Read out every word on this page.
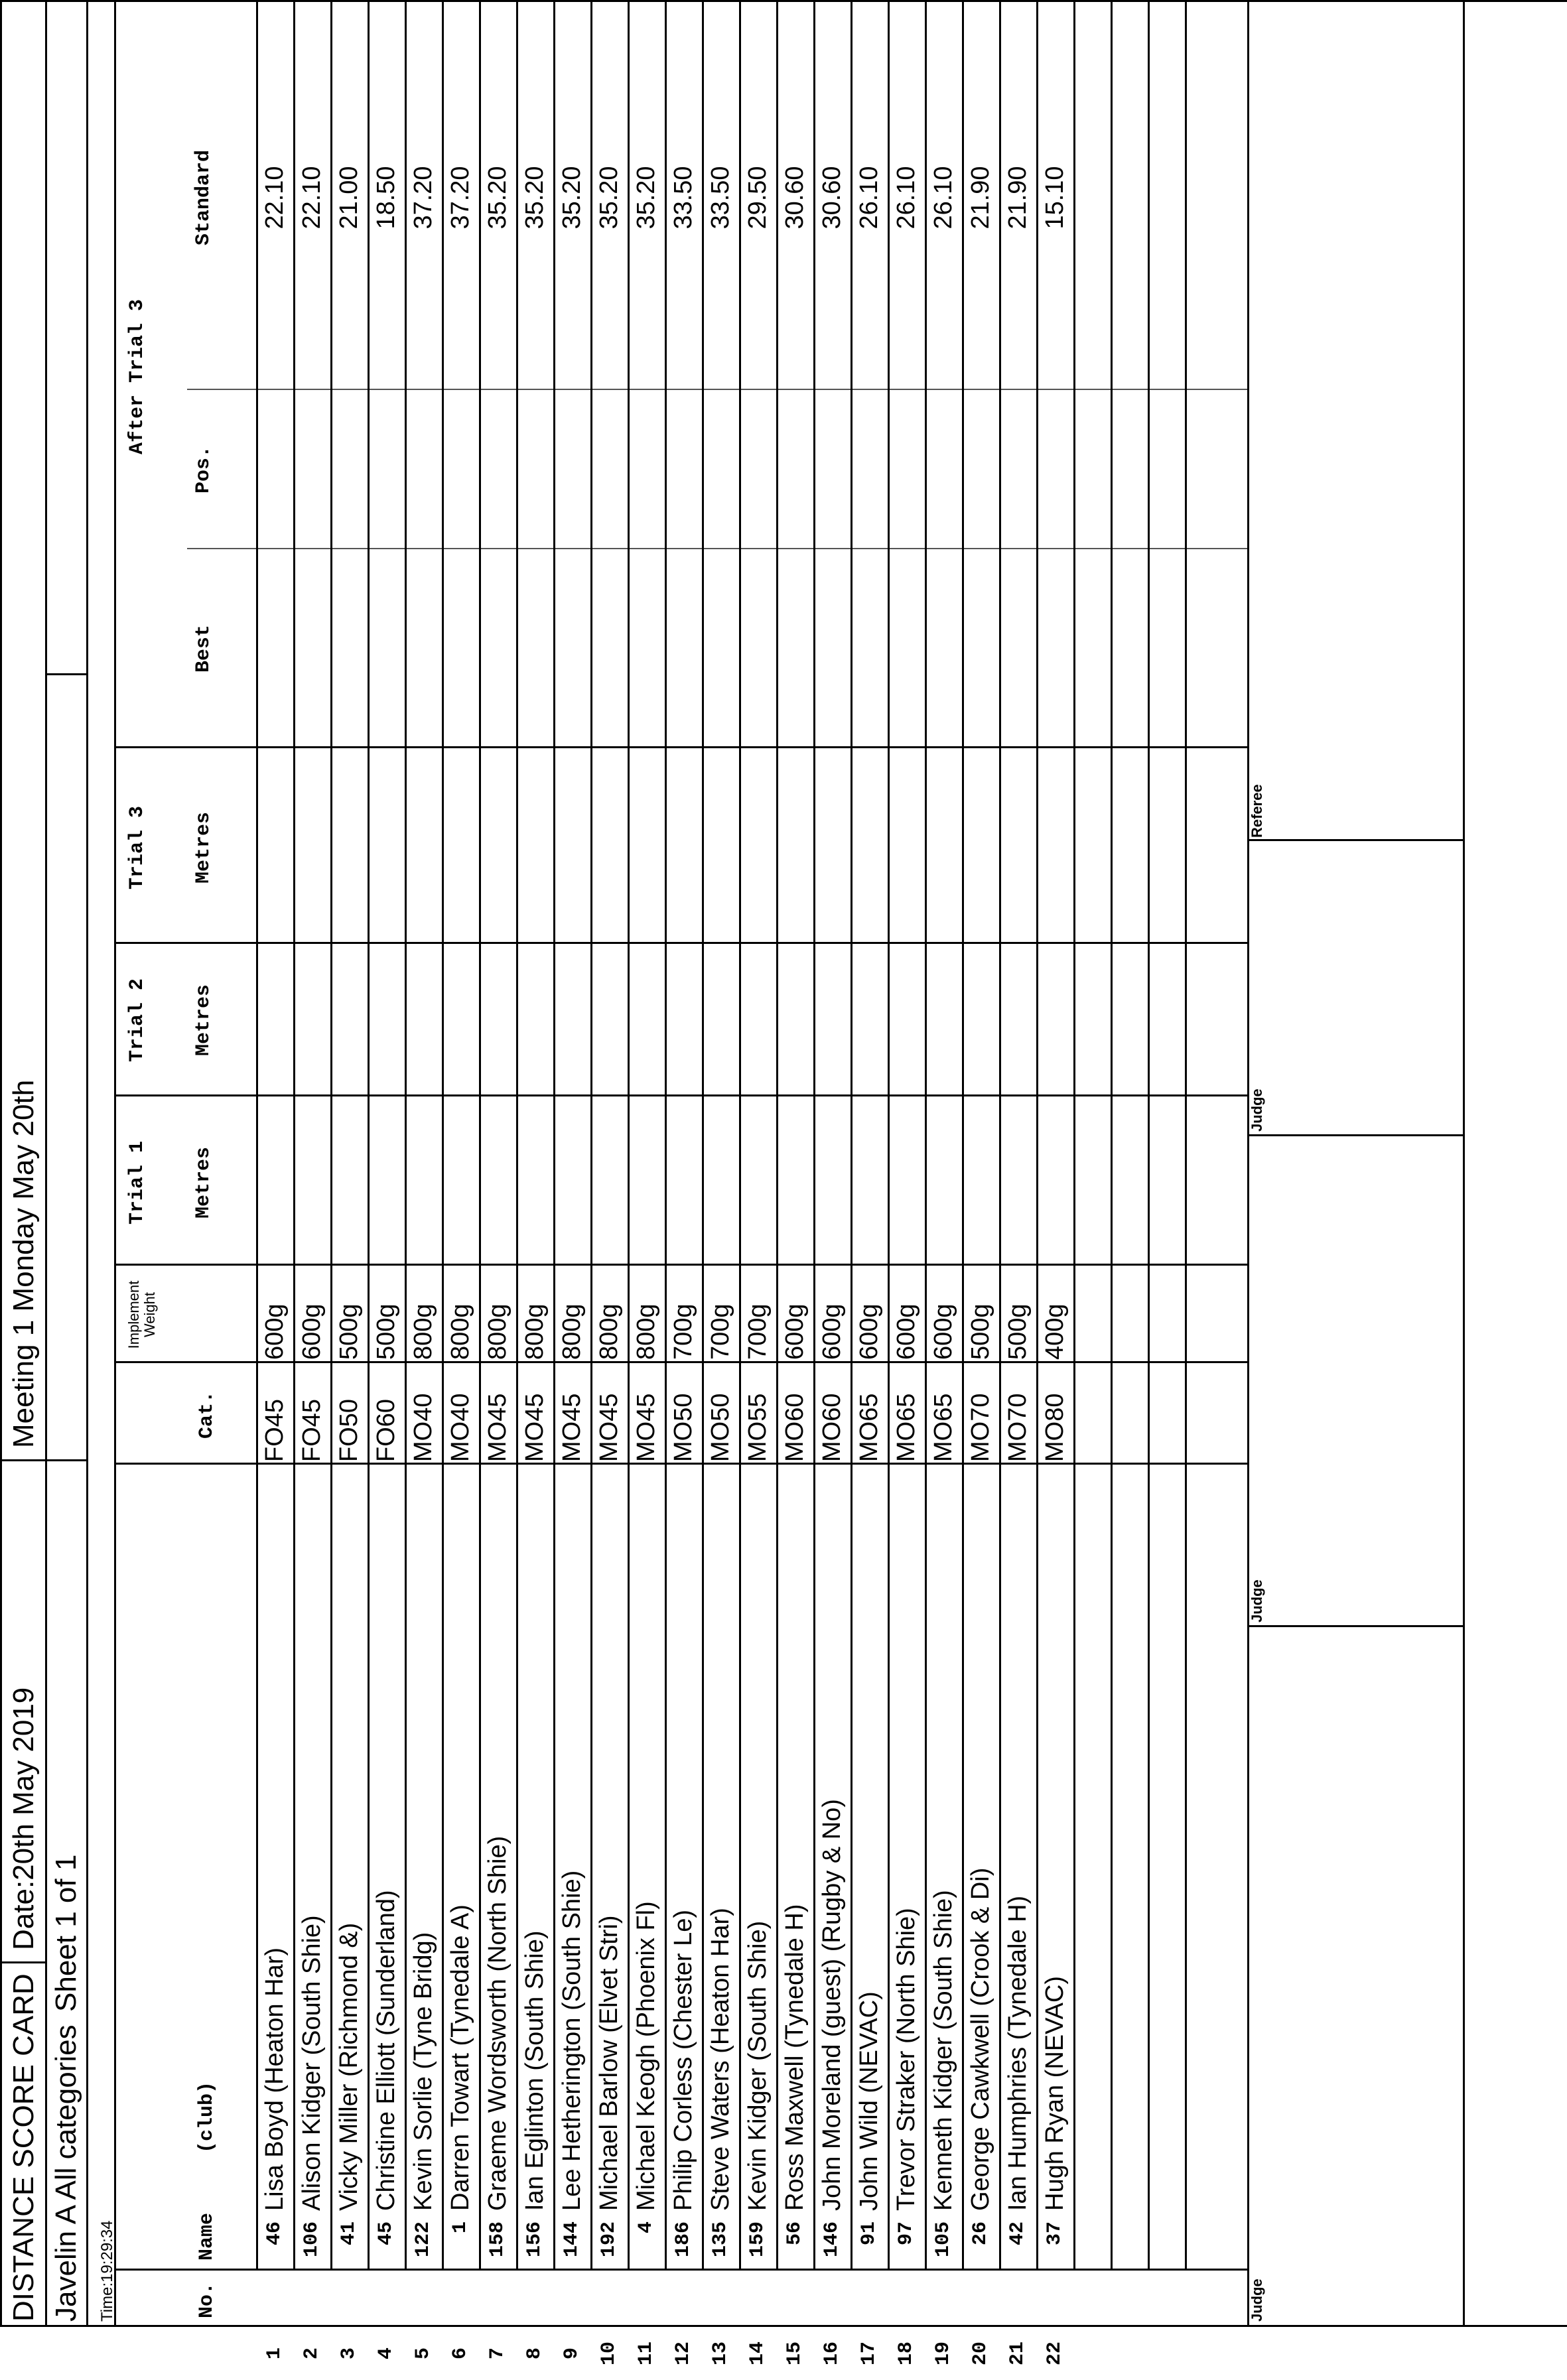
DISTANCE SCORE CARD
Date:20th May 2019
Meeting 1 Monday May 20th
Javelin A All categories
Sheet 1 of 1
Time:19:29:34	No.
Name     (club)
Cat.
Implement Weight
Trial 1 Metres
Trial 2 Metres
Trial 3 Metres
After Trial 3
Best
Pos.
Standard
1
46
Lisa Boyd (Heaton Har)
FO45
600g
22.10
2
106
Alison Kidger (South Shie)
FO45
600g
22.10
3
41
Vicky Miller (Richmond &)
FO50
500g
21.00
4
45
Christine Elliott (Sunderland)
FO60
500g
18.50
5
122
Kevin Sorlie (Tyne Bridg)
MO40
800g
37.20
6
1
Darren Towart (Tynedale A)
MO40
800g
37.20
7
158
Graeme Wordsworth (North Shie)
MO45
800g
35.20
8
156
Ian Eglinton (South Shie)
MO45
800g
35.20
9
144
Lee Hetherington (South Shie)
MO45
800g
35.20
10
192
Michael Barlow (Elvet Stri)
MO45
800g
35.20
11
4
Michael Keogh (Phoenix Fl)
MO45
800g
35.20
12
186
Philip Corless (Chester Le)
MO50
700g
33.50
13
135
Steve Waters (Heaton Har)
MO50
700g
33.50
14
159
Kevin Kidger (South Shie)
MO55
700g
29.50
15
56
Ross Maxwell (Tynedale H)
MO60
600g
30.60
16
146
John Moreland (guest) (Rugby & No)
MO60
600g
30.60
17
91
John Wild (NEVAC)
MO65
600g
26.10
18
97
Trevor Straker (North Shie)
MO65
600g
26.10
19
105
Kenneth Kidger (South Shie)
MO65
600g
26.10
20
26
George Cawkwell (Crook & Di)
MO70
500g
21.90
21
42
Ian Humphries (Tynedale H)
MO70
500g
21.90
22
37
Hugh Ryan (NEVAC)
MO80
400g
15.10
Judge
Judge
Judge
Referee
